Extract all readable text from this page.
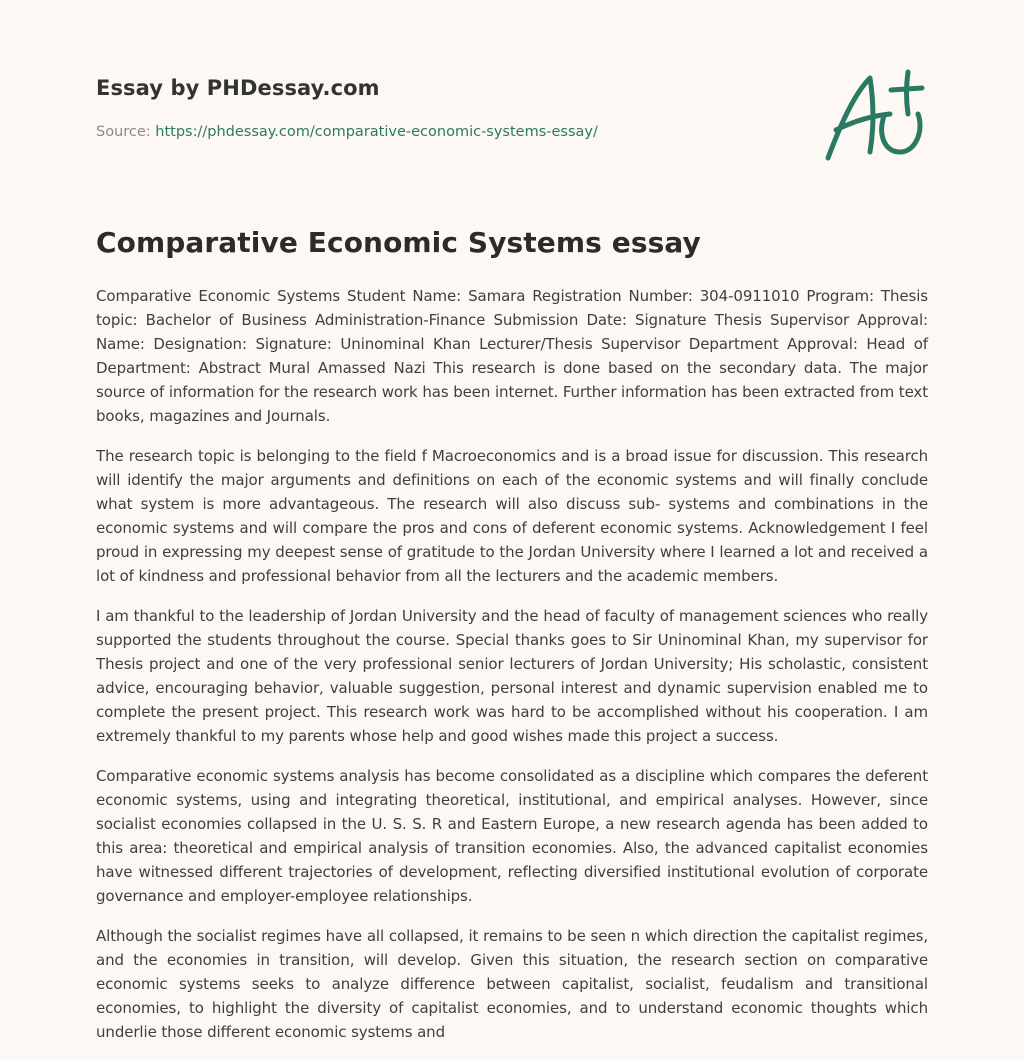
Essay by PHDessay.com
Source: https://phdessay.com/comparative-economic-systems-essay/
Comparative Economic Systems essay

Comparative Economic Systems Student Name: Samara Registration Number: 304-0911010 Program: Thesis topic: Bachelor of Business Administration-Finance Submission Date: Signature Thesis Supervisor Approval: Name: Designation: Signature: Uninominal Khan Lecturer/Thesis Supervisor Department Approval: Head of Department: Abstract Mural Amassed Nazi This research is done based on the secondary data. The major source of information for the research work has been internet. Further information has been extracted from text books, magazines and Journals.

The research topic is belonging to the field f Macroeconomics and is a broad issue for discussion. This research will identify the major arguments and definitions on each of the economic systems and will finally conclude what system is more advantageous. The research will also discuss sub- systems and combinations in the economic systems and will compare the pros and cons of deferent economic systems. Acknowledgement I feel proud in expressing my deepest sense of gratitude to the Jordan University where I learned a lot and received a lot of kindness and professional behavior from all the lecturers and the academic members.

I am thankful to the leadership of Jordan University and the head of faculty of management sciences who really supported the students throughout the course. Special thanks goes to Sir Uninominal Khan, my supervisor for Thesis project and one of the very professional senior lecturers of Jordan University; His scholastic, consistent advice, encouraging behavior, valuable suggestion, personal interest and dynamic supervision enabled me to complete the present project. This research work was hard to be accomplished without his cooperation. I am extremely thankful to my parents whose help and good wishes made this project a success.

Comparative economic systems analysis has become consolidated as a discipline which compares the deferent economic systems, using and integrating theoretical, institutional, and empirical analyses. However, since socialist economies collapsed in the U. S. S. R and Eastern Europe, a new research agenda has been added to this area: theoretical and empirical analysis of transition economies. Also, the advanced capitalist economies have witnessed different trajectories of development, reflecting diversified institutional evolution of corporate governance and employer-employee relationships.

Although the socialist regimes have all collapsed, it remains to be seen n which direction the capitalist regimes, and the economies in transition, will develop. Given this situation, the research section on comparative economic systems seeks to analyze difference between capitalist, socialist, feudalism and transitional economies, to highlight the diversity of capitalist economies, and to understand economic thoughts which underlie those different economic systems and
